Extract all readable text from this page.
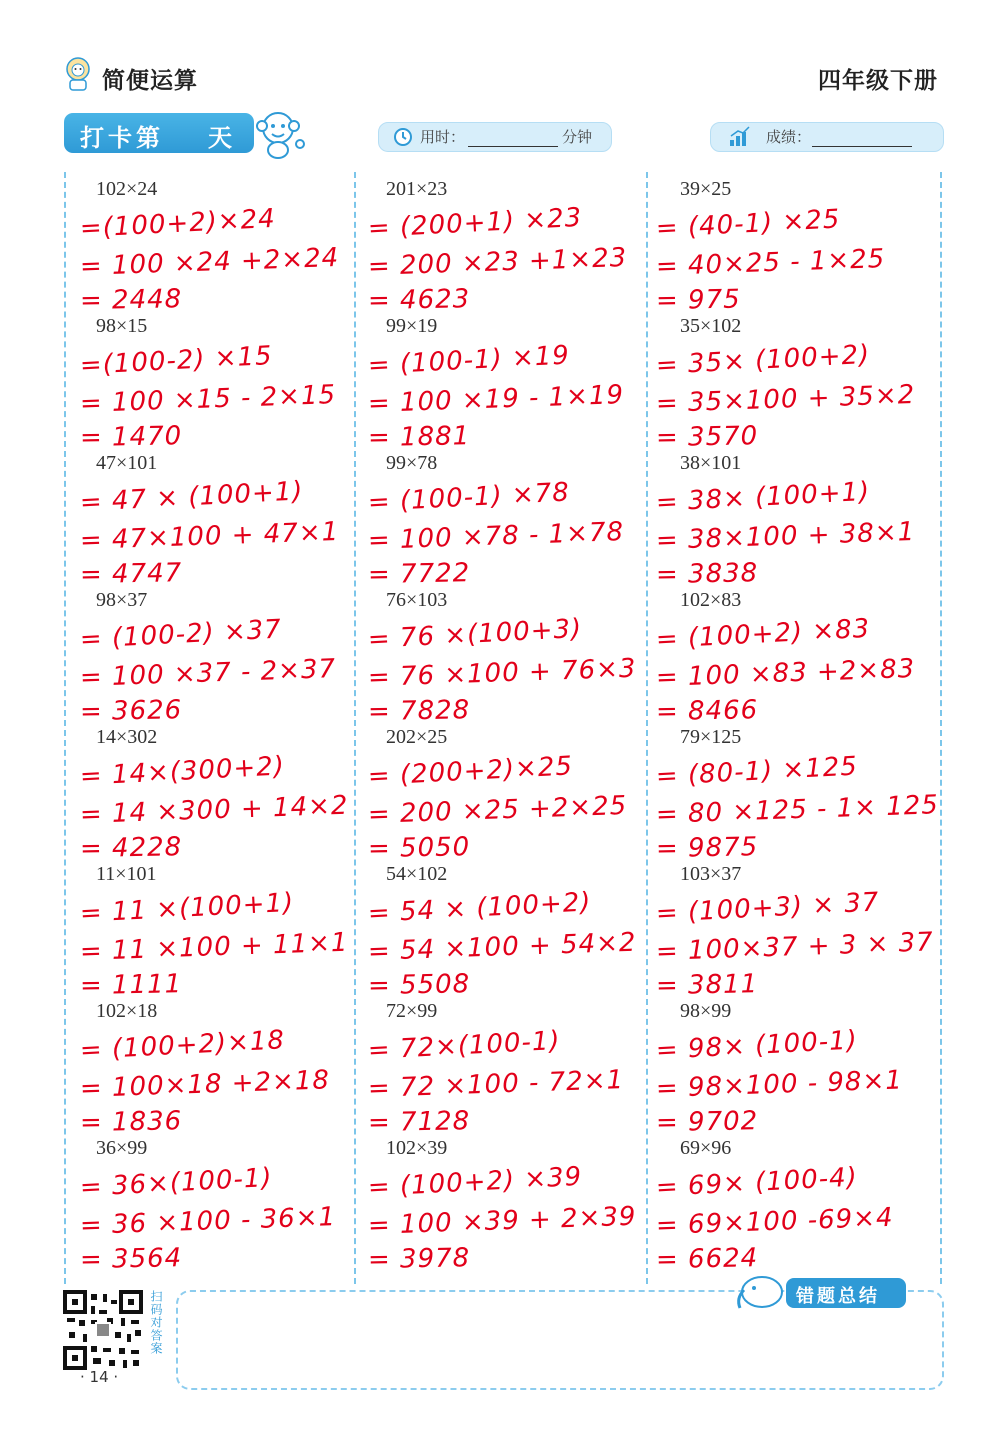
简便运算	四年级下册
打卡第 天	用时：	分钟	成绩：
102×24
=(100+2)×24
= 100 ×24 +2×24
= 2448
98×15
=(100-2) ×15
= 100 ×15 - 2×15
= 1470
47×101
= 47 × (100+1)
= 47×100 + 47×1
= 4747
98×37
= (100-2) ×37
= 100 ×37 - 2×37
= 3626
14×302
= 14×(300+2)
= 14 ×300 + 14×2
= 4228
11×101
= 11 ×(100+1)
= 11 ×100 + 11×1
= 1111
102×18
= (100+2)×18
= 100×18 +2×18
= 1836
36×99
= 36×(100-1)
= 36 ×100 - 36×1
= 3564
201×23
= (200+1) ×23
= 200 ×23 +1×23
= 4623
99×19
= (100-1) ×19
= 100 ×19 - 1×19
= 1881
99×78
= (100-1) ×78
= 100 ×78 - 1×78
= 7722
76×103
= 76 ×(100+3)
= 76 ×100 + 76×3
= 7828
202×25
= (200+2)×25
= 200 ×25 +2×25
= 5050
54×102
= 54 × (100+2)
= 54 ×100 + 54×2
= 5508
72×99
= 72×(100-1)
= 72 ×100 - 72×1
= 7128
102×39
= (100+2) ×39
= 100 ×39 + 2×39
= 3978
39×25
= (40-1) ×25
= 40×25 - 1×25
= 975
35×102
= 35× (100+2)
= 35×100 + 35×2
= 3570
38×101
= 38× (100+1)
= 38×100 + 38×1
= 3838
102×83
= (100+2) ×83
= 100 ×83 +2×83
= 8466
79×125
= (80-1) ×125
= 80 ×125 - 1× 125
= 9875
103×37
= (100+3) × 37
= 100×37 + 3 × 37
= 3811
98×99
= 98× (100-1)
= 98×100 - 98×1
= 9702
69×96
= 69× (100-4)
= 69×100 -69×4
= 6624
扫码对答案
· 14 ·
错题总结
